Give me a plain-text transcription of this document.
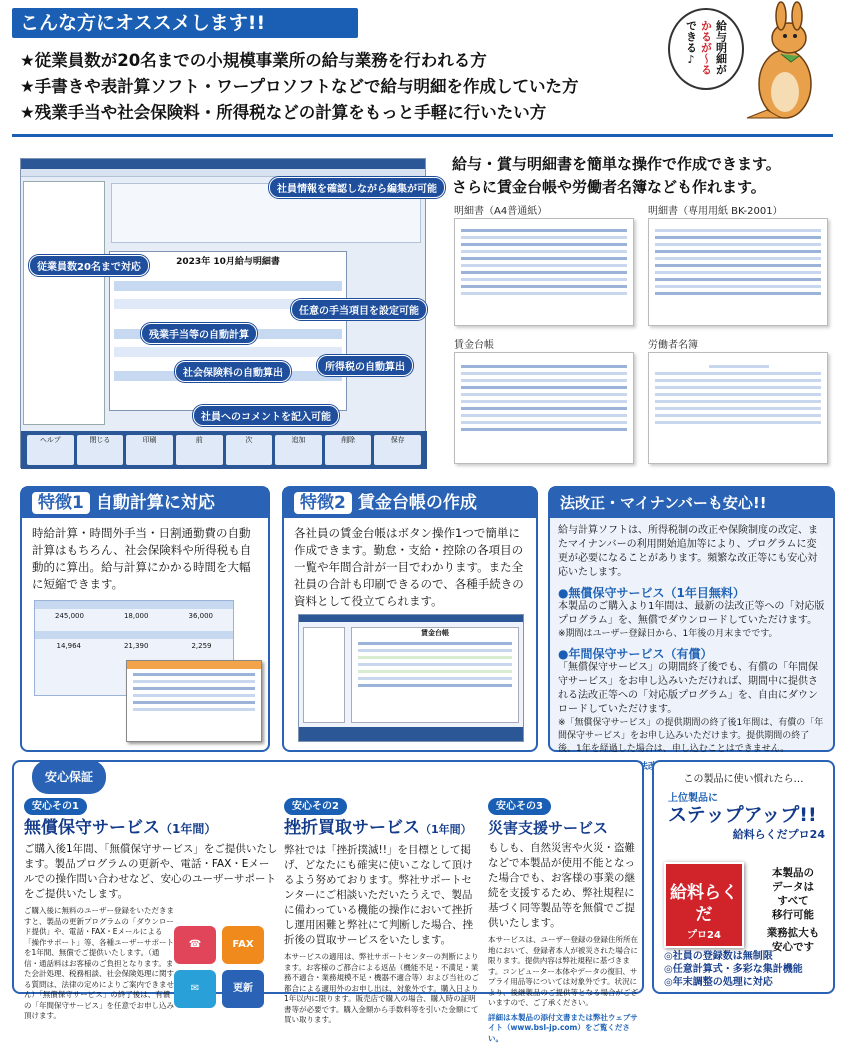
こんな方にオススメします!!
★従業員数が20名までの小規模事業所の給与業務を行われる方
★手書きや表計算ソフト・ワープロソフトなどで給与明細を作成していた方
★残業手当や社会保険料・所得税などの計算をもっと手軽に行いたい方
給与明細が
かるが～る
できる♪
2023年 10月給与明細書
ヘルプ	閉じる	印刷	前	次	追加	削除	保存
社員情報を確認しながら編集が可能
従業員数20名まで対応
任意の手当項目を設定可能
残業手当等の自動計算
所得税の自動算出
社会保険料の自動算出
社員へのコメントを記入可能
給与・賞与明細書を簡単な操作で作成できます。
さらに賃金台帳や労働者名簿なども作れます。
明細書（A4普通紙）	明細書（専用用紙 BK-2001）
賃金台帳	労働者名簿
特徴1 自動計算に対応
時給計算・時間外手当・日割通勤費の自動計算はもちろん、社会保険料や所得税も自動的に算出。給与計算にかかる時間を大幅に短縮できます。
245,000	18,000	36,000
14,964	21,390	2,259
特徴2 賃金台帳の作成
各社員の賃金台帳はボタン操作1つで簡単に作成できます。勤怠・支給・控除の各項目の一覧や年間合計が一目でわかります。また全社員の合計も印刷できるので、各種手続きの資料として役立てられます。
賃金台帳
法改正・マイナンバーも安心!!
給与計算ソフトは、所得税制の改正や保険制度の改定、またマイナンバーの利用開始追加等により、プログラムに変更が必要になることがあります。頻繁な改正等にも安心対応いたします。
●無償保守サービス（1年目無料）
本製品のご購入より1年間は、最新の法改正等への「対応版プログラム」を、無償でダウンロードしていただけます。
※期間はユーザー登録日から、1年後の月末までです。
●年間保守サービス（有償）
「無償保守サービス」の期間終了後でも、有償の「年間保守サービス」をお申し込みいただければ、期間中に提供される法改正等への「対応版プログラム」を、自由にダウンロードしていただけます。
※「無償保守サービス」の提供期間の終了後1年間は、有償の「年間保守サービス」をお申し込みいただけます。提供期間の終了後、1年を経過した場合は、申し込むことはできません。
安心保証
安心その1
無償保守サービス（1年間）
ご購入後1年間、「無償保守サービス」をご提供いたします。製品プログラムの更新や、電話・FAX・Eメールでの操作問い合わせなど、安心のユーザーサポートをご提供いたします。
ご購入後に無料のユーザー登録をいただきますと、製品の更新プログラムの「ダウンロード提供」や、電話・FAX・Eメールによる「操作サポート」等、各種ユーザーサポートを1年間、無償でご提供いたします。（通信・通話料はお客様のご負担となります。また会計処理、税務相談、社会保険処理に関する質問は、法律の定めによりご案内できません）「無償保守サービス」の終了後は、有償の「年間保守サービス」を任意でお申し込み頂けます。
☎	FAX
✉	更新
安心その2
挫折買取サービス（1年間）
弊社では「挫折撲滅!!」を目標として掲げ、どなたにも確実に使いこなして頂けるよう努めております。弊社サポートセンターにご相談いただいたうえで、製品に備わっている機能の操作において挫折し運用困難と弊社にて判断した場合、挫折後の買取サービスをいたします。
本サービスの適用は、弊社サポートセンターの判断によります。お客様のご都合による返品（機能不足・不満足・業務不適合・業務規模不足・機器不適合等）および当社のご都合による適用外のお申し出は、対象外です。購入日より1年以内に限ります。販売店で購入の場合、購入時の証明書等が必要です。購入金額から手数料等を引いた金額にて買い取ります。
安心その3
災害支援サービス
もしも、自然災害や火災・盗難などで本製品が使用不能となった場合でも、お客様の事業の継続を支援するため、弊社規程に基づく同等製品等を無償でご提供いたします。
本サービスは、ユーザー登録の登録住所所在地において、登録者本人が被災された場合に限ります。提供内容は弊社規程に基づきます。コンピューター本体やデータの復旧、サプライ用品等については対象外です。状況により、後継製品のご提供等となる場合がございますので、ご了承ください。
詳細は本製品の添付文書または弊社ウェブサイト（www.bsl-jp.com）をご覧ください。
この製品に使い慣れたら…
上位製品に
ステップアップ!!
給料らくだプロ24
給料らくだ
プロ24
本製品の
データは
すべて
移行可能
業務拡大も
安心です
◎社員の登録数は無制限
◎任意計算式・多彩な集計機能
◎年末調整の処理に対応
